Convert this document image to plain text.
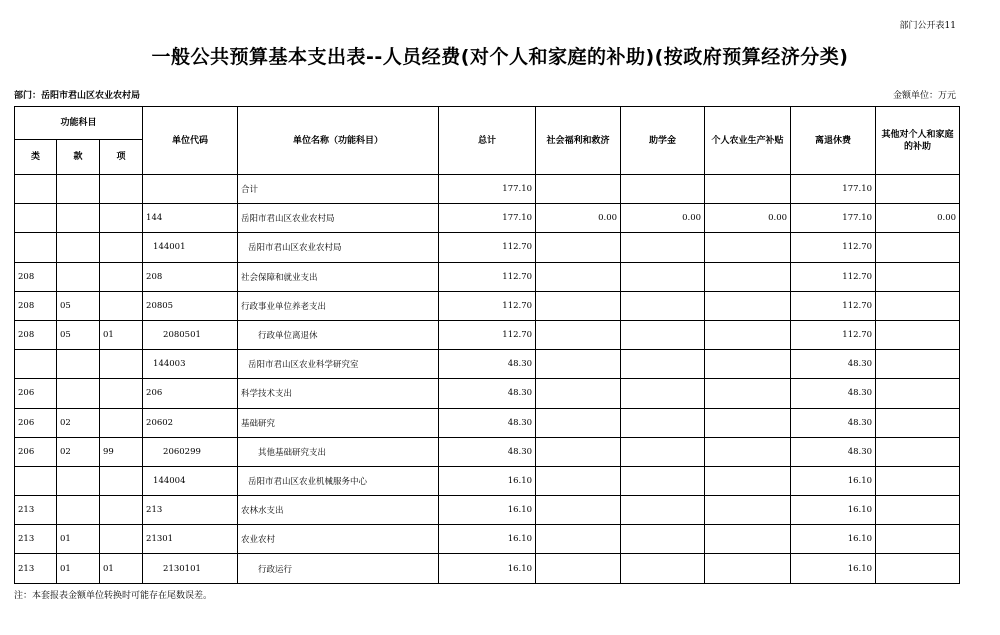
部门公开表11
一般公共预算基本支出表--人员经费(对个人和家庭的补助)(按政府预算经济分类)
部门：岳阳市君山区农业农村局	金额单位：万元
功能科目			单位代码	单位名称（功能科目）	总计	社会福利和救济	助学金	个人农业生产补贴	离退休费	其他对个人和家庭的补助
类	款	项								
				合计	177.10				177.10	
			144	岳阳市君山区农业农村局	177.10	0.00	0.00	0.00	177.10	0.00
			144001	岳阳市君山区农业农村局	112.70				112.70	
208			208	社会保障和就业支出	112.70				112.70	
208	05		20805	行政事业单位养老支出	112.70				112.70	
208	05	01	2080501	行政单位离退休	112.70				112.70	
			144003	岳阳市君山区农业科学研究室	48.30				48.30	
206			206	科学技术支出	48.30				48.30	
206	02		20602	基础研究	48.30				48.30	
206	02	99	2060299	其他基础研究支出	48.30				48.30	
			144004	岳阳市君山区农业机械服务中心	16.10				16.10	
213			213	农林水支出	16.10				16.10	
213	01		21301	农业农村	16.10				16.10	
213	01	01	2130101	行政运行	16.10				16.10	
注：本套报表金额单位转换时可能存在尾数误差。
